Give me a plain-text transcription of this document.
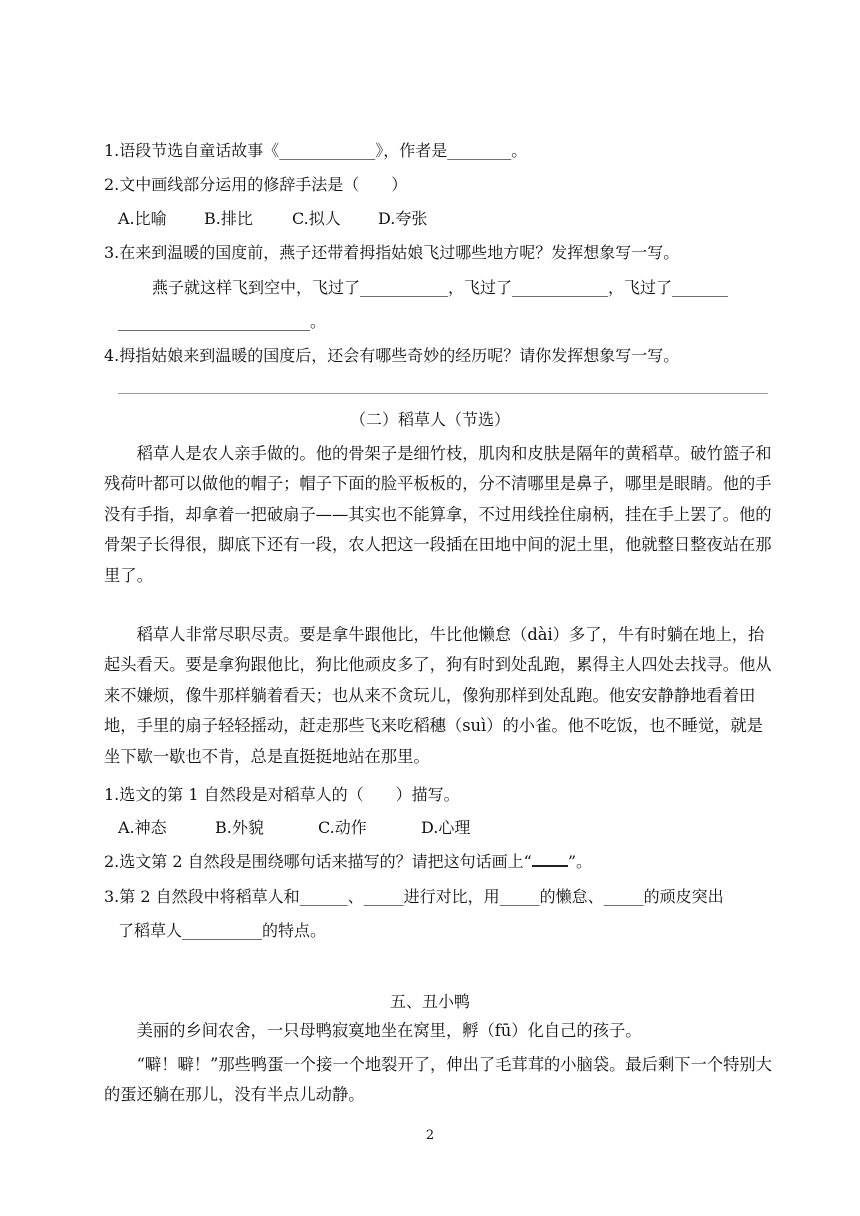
1.语段节选自童话故事《____________》，作者是________。
2.文中画线部分运用的修辞手法是（　　）
A.比喻 B.排比 C.拟人 D.夸张
3.在来到温暖的国度前，燕子还带着拇指姑娘飞过哪些地方呢？发挥想象写一写。
燕子就这样飞到空中，飞过了___________，飞过了____________，飞过了_______
________________________。
4.拇指姑娘来到温暖的国度后，还会有哪些奇妙的经历呢？请你发挥想象写一写。
（二）稻草人（节选）
稻草人是农人亲手做的。他的骨架子是细竹枝，肌肉和皮肤是隔年的黄稻草。破竹篮子和残荷叶都可以做他的帽子；帽子下面的脸平板板的，分不清哪里是鼻子，哪里是眼睛。他的手没有手指，却拿着一把破扇子——其实也不能算拿，不过用线拴住扇柄，挂在手上罢了。他的骨架子长得很，脚底下还有一段，农人把这一段插在田地中间的泥土里，他就整日整夜站在那里了。
稻草人非常尽职尽责。要是拿牛跟他比，牛比他懒怠（dài）多了，牛有时躺在地上，抬起头看天。要是拿狗跟他比，狗比他顽皮多了，狗有时到处乱跑，累得主人四处去找寻。他从来不嫌烦，像牛那样躺着看天；也从来不贪玩儿，像狗那样到处乱跑。他安安静静地看着田地，手里的扇子轻轻摇动，赶走那些飞来吃稻穗（suì）的小雀。他不吃饭，也不睡觉，就是坐下歇一歇也不肯，总是直挺挺地站在那里。
1.选文的第 1 自然段是对稻草人的（　　）描写。
A.神态	B.外貌	C.动作	D.心理
2.选文第 2 自然段是围绕哪句话来描写的？请把这句话画上“ ”。
3.第 2 自然段中将稻草人和______、_____进行对比，用_____的懒怠、_____的顽皮突出
了稻草人__________的特点。
五、丑小鸭
美丽的乡间农舍，一只母鸭寂寞地坐在窝里，孵（fū）化自己的孩子。
“噼！噼！”那些鸭蛋一个接一个地裂开了，伸出了毛茸茸的小脑袋。最后剩下一个特别大的蛋还躺在那儿，没有半点儿动静。
2
